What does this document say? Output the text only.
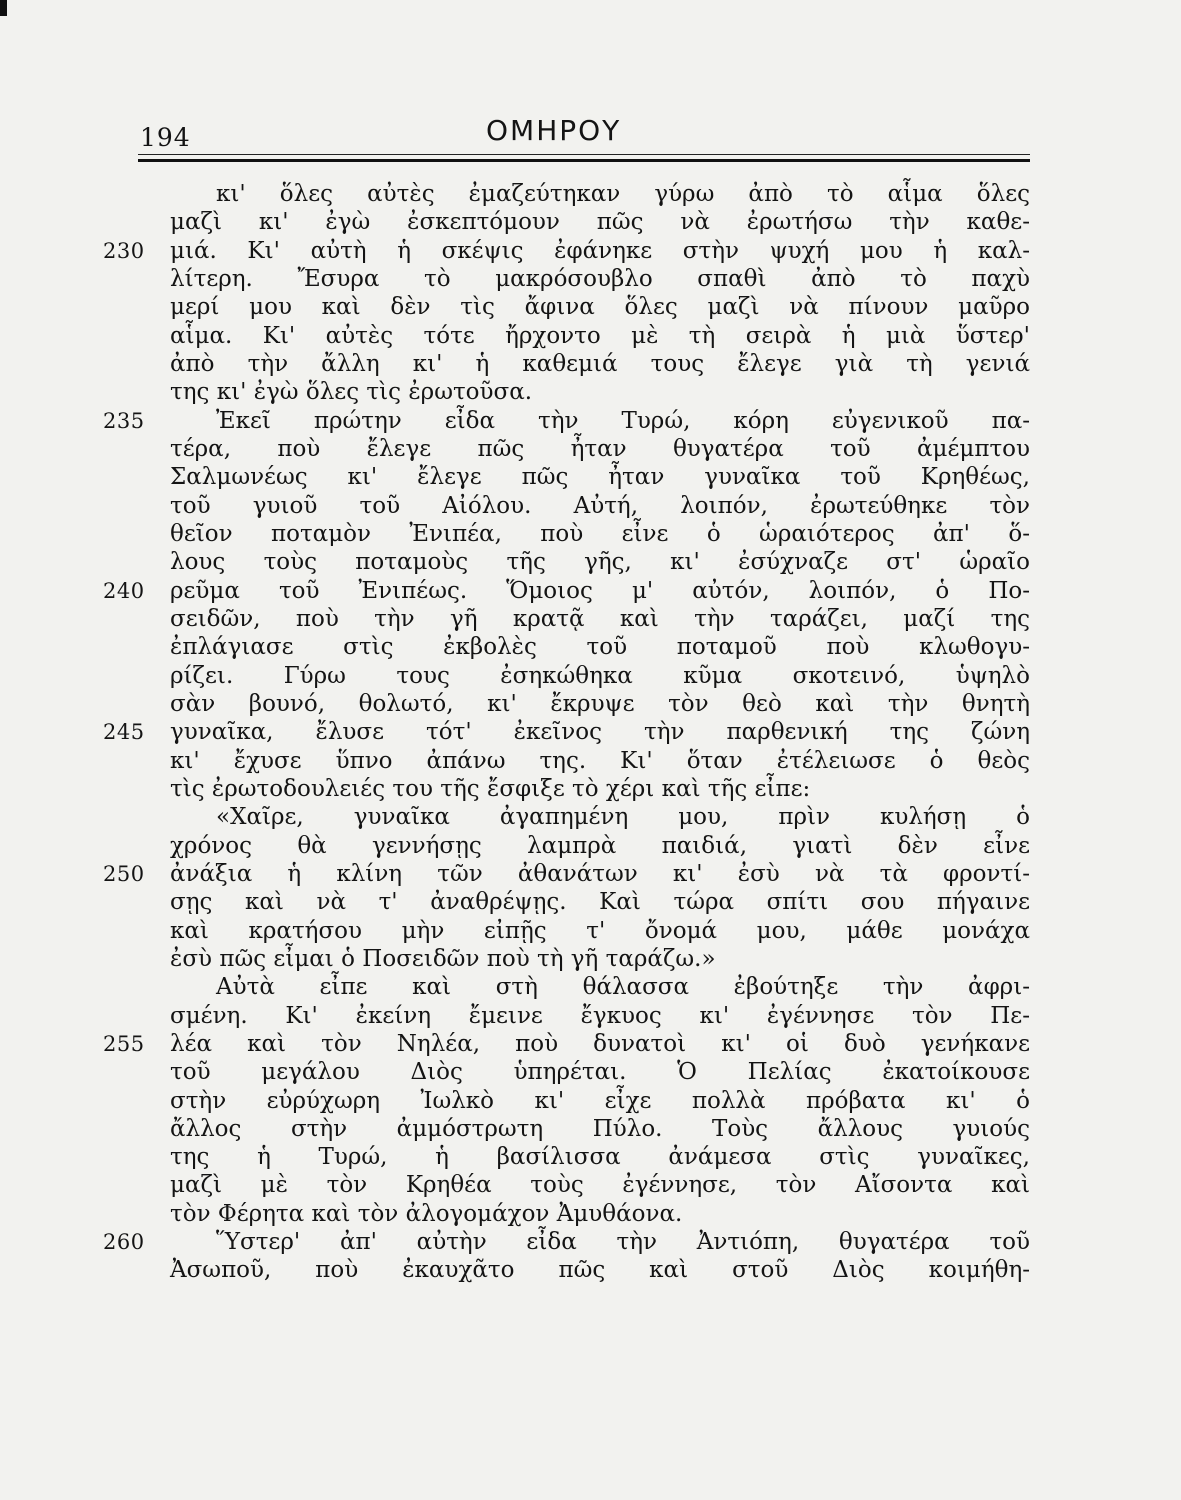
194	ΟΜΗΡΟΥ
κι' ὅλες αὐτὲς ἐμαζεύτηκαν γύρω ἀπὸ τὸ αἷμα ὅλες
μαζὶ κι' ἐγὼ ἐσκεπτόμουν πῶς νὰ ἐρωτήσω τὴν καθε-
230	μιά. Κι' αὐτὴ ἡ σκέψις ἐφάνηκε στὴν ψυχή μου ἡ καλ-
λίτερη. Ἔσυρα τὸ μακρόσουβλο σπαθὶ ἀπὸ τὸ παχὺ
μερί μου καὶ δὲν τὶς ἄφινα ὅλες μαζὶ νὰ πίνουν μαῦρο
αἷμα. Κι' αὐτὲς τότε ἤρχοντο μὲ τὴ σειρὰ ἡ μιὰ ὕστερ'
ἀπὸ τὴν ἄλλη κι' ἡ καθεμιά τους ἔλεγε γιὰ τὴ γενιά
της κι' ἐγὼ ὅλες τὶς ἐρωτοῦσα.
235	Ἐκεῖ πρώτην εἶδα τὴν Τυρώ, κόρη εὐγενικοῦ πα-
τέρα, ποὺ ἔλεγε πῶς ἦταν θυγατέρα τοῦ ἀμέμπτου
Σαλμωνέως κι' ἔλεγε πῶς ἦταν γυναῖκα τοῦ Κρηθέως,
τοῦ γυιοῦ τοῦ Αἰόλου. Αὐτή, λοιπόν, ἐρωτεύθηκε τὸν
θεῖον ποταμὸν Ἐνιπέα, ποὺ εἶνε ὁ ὡραιότερος ἀπ' ὅ-
λους τοὺς ποταμοὺς τῆς γῆς, κι' ἐσύχναζε στ' ὡραῖο
240	ρεῦμα τοῦ Ἐνιπέως. Ὅμοιος μ' αὐτόν, λοιπόν, ὁ Πο-
σειδῶν, ποὺ τὴν γῆ κρατᾷ καὶ τὴν ταράζει, μαζί της
ἐπλάγιασε στὶς ἐκβολὲς τοῦ ποταμοῦ ποὺ κλωθογυ-
ρίζει. Γύρω τους ἐσηκώθηκα κῦμα σκοτεινό, ὑψηλὸ
σὰν βουνό, θολωτό, κι' ἔκρυψε τὸν θεὸ καὶ τὴν θνητὴ
245	γυναῖκα, ἔλυσε τότ' ἐκεῖνος τὴν παρθενική της ζώνη
κι' ἔχυσε ὕπνο ἀπάνω της. Κι' ὅταν ἐτέλειωσε ὁ θεὸς
τὶς ἐρωτοδουλειές του τῆς ἔσφιξε τὸ χέρι καὶ τῆς εἶπε:
«Χαῖρε, γυναῖκα ἀγαπημένη μου, πρὶν κυλήσῃ ὁ
χρόνος θὰ γεννήσῃς λαμπρὰ παιδιά, γιατὶ δὲν εἶνε
250	ἀνάξια ἡ κλίνη τῶν ἀθανάτων κι' ἐσὺ νὰ τὰ φροντί-
σῃς καὶ νὰ τ' ἀναθρέψῃς. Καὶ τώρα σπίτι σου πήγαινε
καὶ κρατήσου μὴν εἰπῇς τ' ὄνομά μου, μάθε μονάχα
ἐσὺ πῶς εἶμαι ὁ Ποσειδῶν ποὺ τὴ γῆ ταράζω.»
Αὐτὰ εἶπε καὶ στὴ θάλασσα ἐβούτηξε τὴν ἀφρι-
σμένη. Κι' ἐκείνη ἔμεινε ἔγκυος κι' ἐγέννησε τὸν Πε-
255	λέα καὶ τὸν Νηλέα, ποὺ δυνατοὶ κι' οἱ δυὸ γενήκανε
τοῦ μεγάλου Διὸς ὑπηρέται. Ὁ Πελίας ἐκατοίκουσε
στὴν εὐρύχωρη Ἰωλκὸ κι' εἶχε πολλὰ πρόβατα κι' ὁ
ἄλλος στὴν ἀμμόστρωτη Πύλο. Τοὺς ἄλλους γυιούς
της ἡ Τυρώ, ἡ βασίλισσα ἀνάμεσα στὶς γυναῖκες,
μαζὶ μὲ τὸν Κρηθέα τοὺς ἐγέννησε, τὸν Αἴσοντα καὶ
τὸν Φέρητα καὶ τὸν ἀλογομάχον Ἀμυθάονα.
260	Ὕστερ' ἀπ' αὐτὴν εἶδα τὴν Ἀντιόπη, θυγατέρα τοῦ
Ἀσωποῦ, ποὺ ἐκαυχᾶτο πῶς καὶ στοῦ Διὸς κοιμήθη-
